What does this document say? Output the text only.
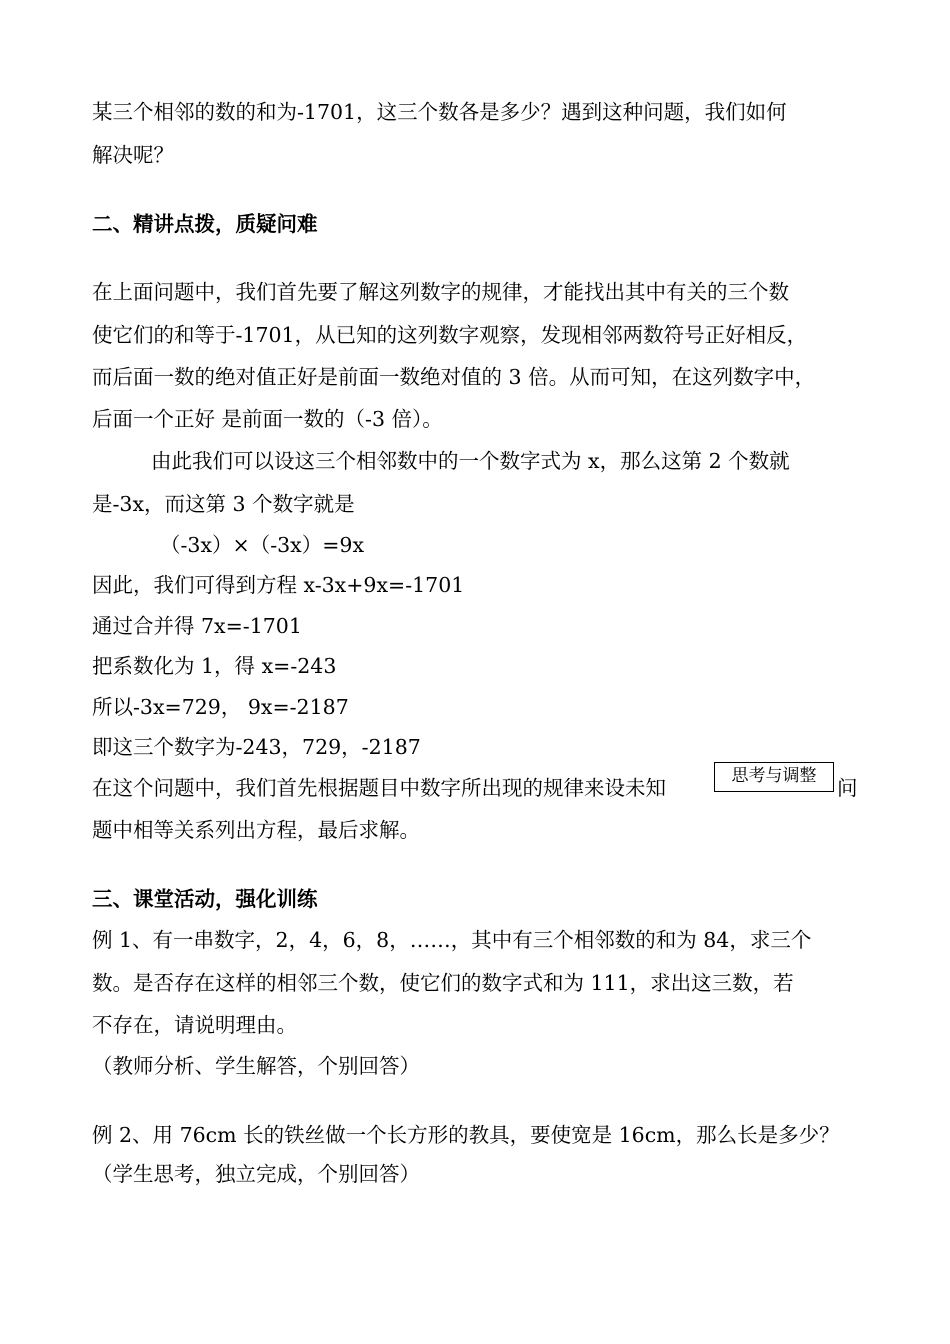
某三个相邻的数的和为-1701，这三个数各是多少？遇到这种问题，我们如何
解决呢？
二、精讲点拨，质疑问难
在上面问题中，我们首先要了解这列数字的规律，才能找出其中有关的三个数
使它们的和等于-1701，从已知的这列数字观察，发现相邻两数符号正好相反，
而后面一数的绝对值正好是前面一数绝对值的 3 倍。从而可知，在这列数字中，
后面一个正好 是前面一数的（-3 倍）。
由此我们可以设这三个相邻数中的一个数字式为 x，那么这第 2 个数就
是-3x，而这第 3 个数字就是
（-3x）×（-3x）=9x
因此，我们可得到方程 x-3x+9x=-1701
通过合并得 7x=-1701
把系数化为 1，得 x=-243
所以-3x=729， 9x=-2187
即这三个数字为-243，729，-2187
在这个问题中，我们首先根据题目中数字所出现的规律来设未知	问
题中相等关系列出方程，最后求解。
思考与调整
三、课堂活动，强化训练
例 1、有一串数字，2，4，6，8，……，其中有三个相邻数的和为 84，求三个
数。是否存在这样的相邻三个数，使它们的数字式和为 111，求出这三数，若
不存在，请说明理由。
（教师分析、学生解答，个别回答）
例 2、用 76cm 长的铁丝做一个长方形的教具，要使宽是 16cm，那么长是多少？
（学生思考，独立完成，个别回答）
